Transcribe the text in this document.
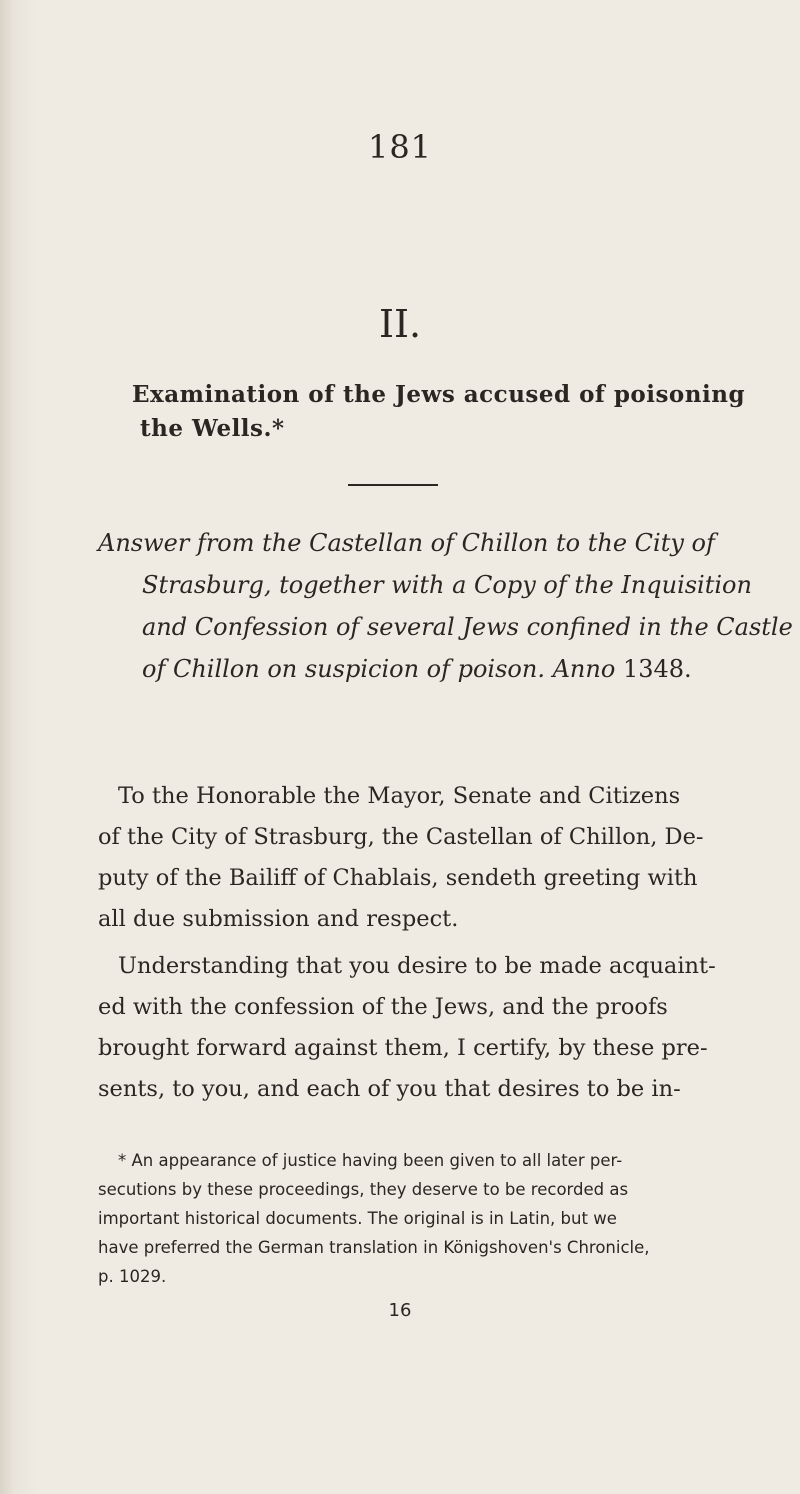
181
II.
Examination of the Jews accused of poisoning
the Wells.*
Answer from the Castellan of Chillon to the City of
Strasburg, together with a Copy of the Inquisition
and Confession of several Jews confined in the Castle
of Chillon on suspicion of poison. Anno 1348.
To the Honorable the Mayor, Senate and Citizens
of the City of Strasburg, the Castellan of Chillon, De-
puty of the Bailiff of Chablais, sendeth greeting with
all due submission and respect.
Understanding that you desire to be made acquaint-
ed with the confession of the Jews, and the proofs
brought forward against them, I certify, by these pre-
sents, to you, and each of you that desires to be in-
* An appearance of justice having been given to all later per-
secutions by these proceedings, they deserve to be recorded as
important historical documents. The original is in Latin, but we
have preferred the German translation in Königshoven's Chronicle,
p. 1029.
16
